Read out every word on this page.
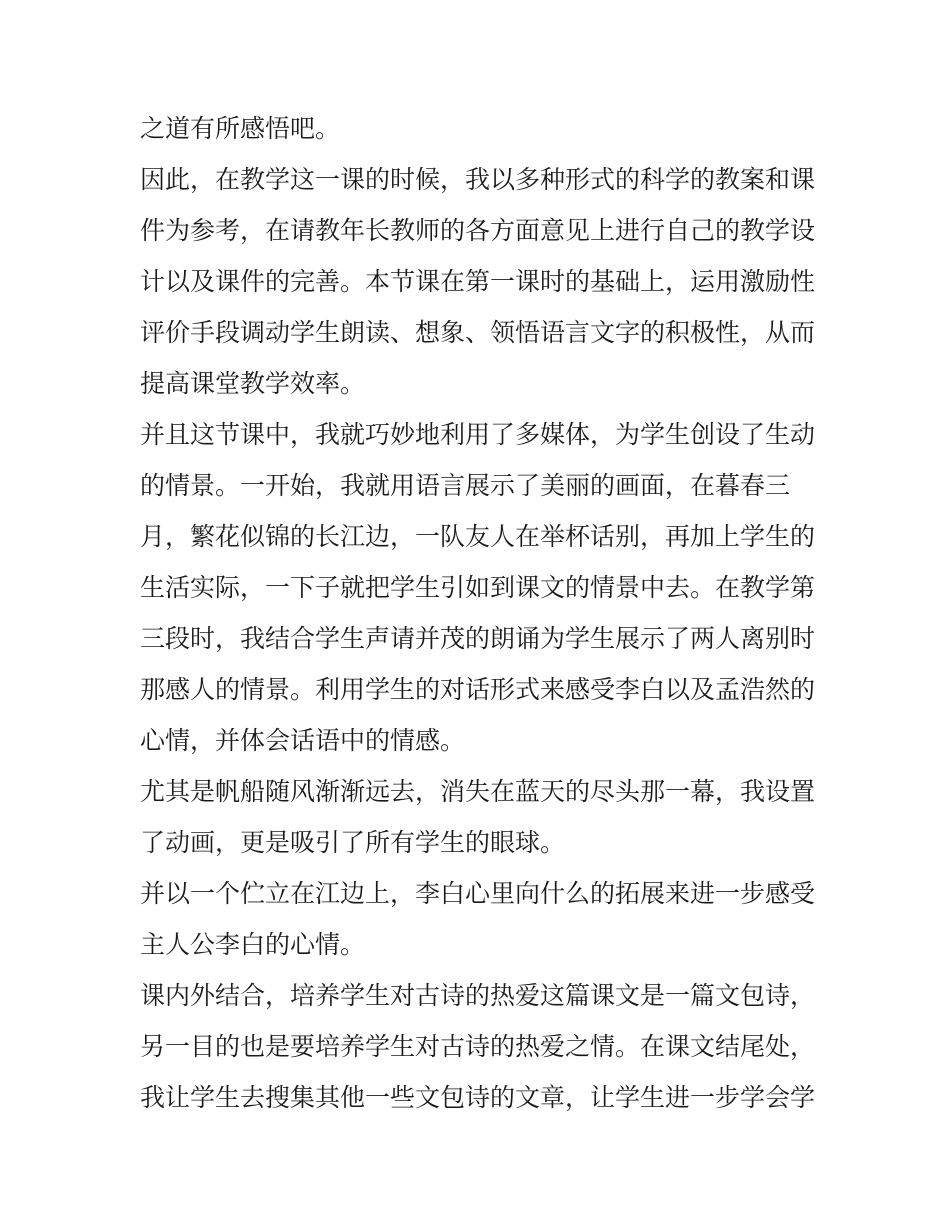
之道有所感悟吧。
因此，在教学这一课的时候，我以多种形式的科学的教案和课
件为参考，在请教年长教师的各方面意见上进行自己的教学设
计以及课件的完善。本节课在第一课时的基础上，运用激励性
评价手段调动学生朗读、想象、领悟语言文字的积极性，从而
提高课堂教学效率。
并且这节课中，我就巧妙地利用了多媒体，为学生创设了生动
的情景。一开始，我就用语言展示了美丽的画面，在暮春三
月，繁花似锦的长江边，一队友人在举杯话别，再加上学生的
生活实际，一下子就把学生引如到课文的情景中去。在教学第
三段时，我结合学生声请并茂的朗诵为学生展示了两人离别时
那感人的情景。利用学生的对话形式来感受李白以及孟浩然的
心情，并体会话语中的情感。
尤其是帆船随风渐渐远去，消失在蓝天的尽头那一幕，我设置
了动画，更是吸引了所有学生的眼球。
并以一个伫立在江边上，李白心里向什么的拓展来进一步感受
主人公李白的心情。
课内外结合，培养学生对古诗的热爱这篇课文是一篇文包诗，
另一目的也是要培养学生对古诗的热爱之情。在课文结尾处，
我让学生去搜集其他一些文包诗的文章，让学生进一步学会学
